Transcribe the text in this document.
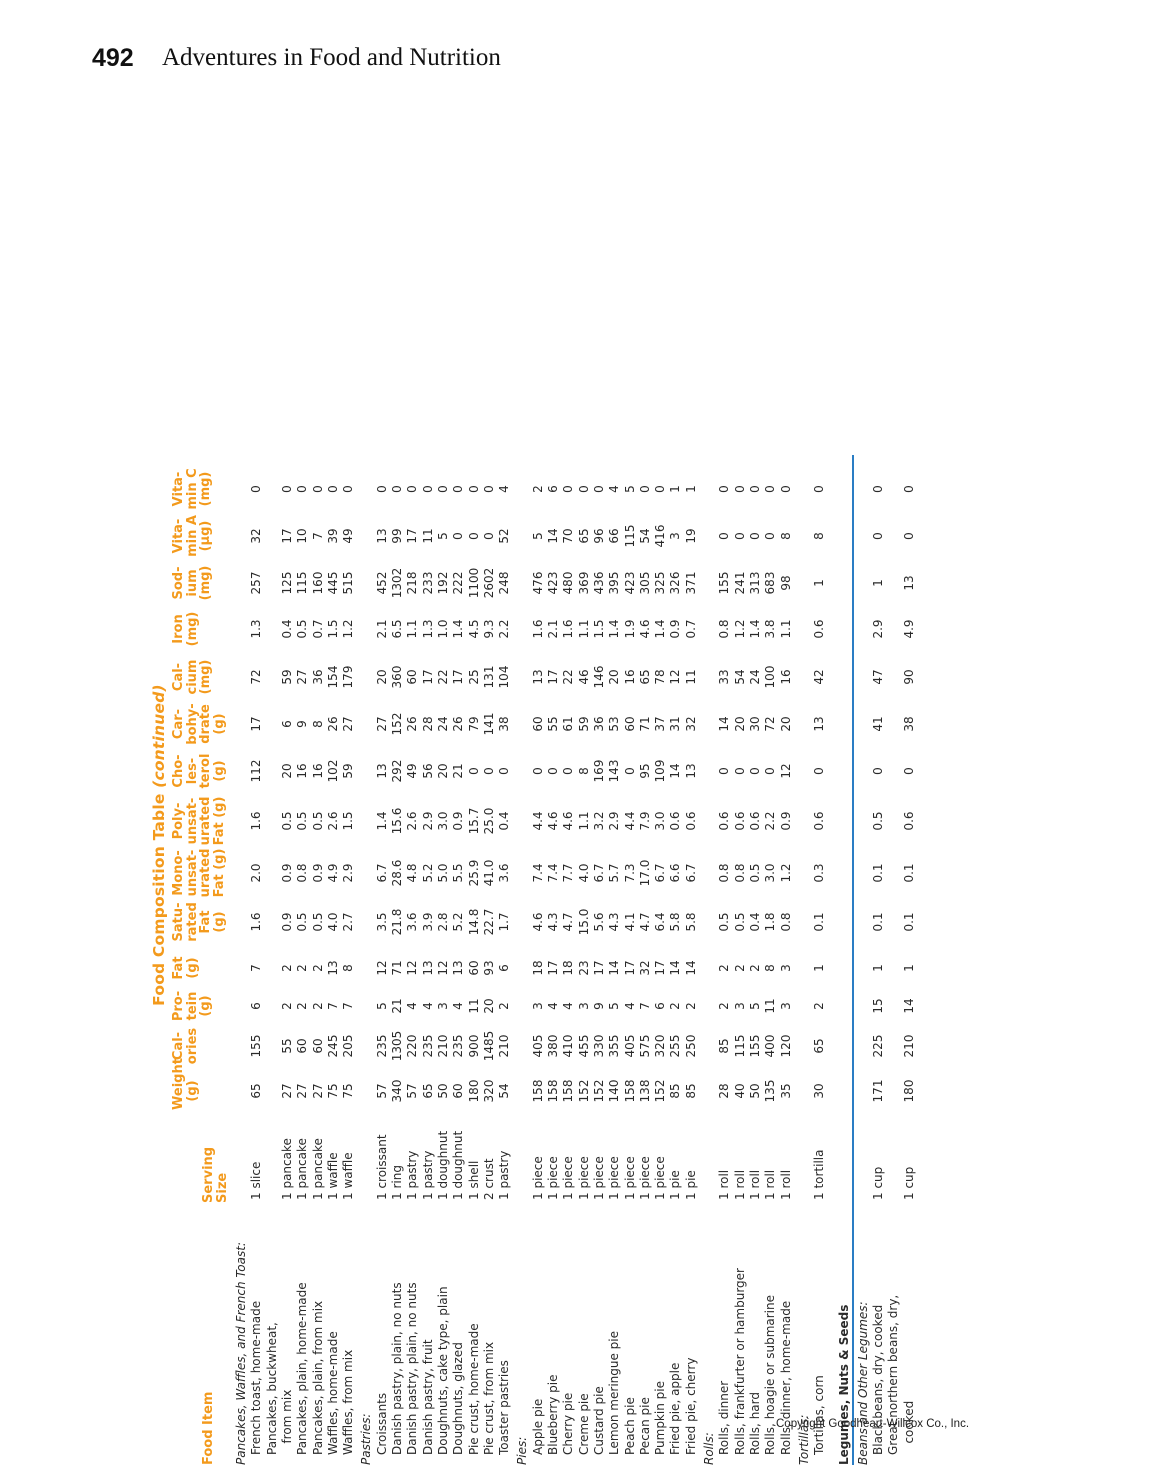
492 Adventures in Food and Nutrition
Food Composition Table (continued)
Food Item
Serving Size
Weight (g)
Cal- ories
Pro- tein (g)
Fat (g)
Satu- rated Fat (g)
Mono- unsat- urated Fat (g)
Poly- unsat- urated Fat (g)
Cho- les- terol (g)
Car- bohy- drate (g)
Cal- cium (mg)
Iron (mg)
Sod- ium (mg)
Vita- min A (µg)
Vita- min C (mg)
Pancakes, Waffles, and French Toast: French toast, home-made
1 slice
65
155
6
7
1.6
2.0
1.6
112
17
72
1.3
257
32
0
Pancakes, buckwheat, from mix
1 pancake
27
55
2
2
0.9
0.9
0.5
20
6
59
0.4
125
17
0
Pancakes, plain, home-made
1 pancake
27
60
2
2
0.5
0.8
0.5
16
9
27
0.5
115
10
0
Pancakes, plain, from mix
1 pancake
27
60
2
2
0.5
0.9
0.5
16
8
36
0.7
160
7
0
Waffles, home-made
1 waffle
75
245
7
13
4.0
4.9
2.6
102
26
154
1.5
445
39
0
Waffles, from mix
1 waffle
75
205
7
8
2.7
2.9
1.5
59
27
179
1.2
515
49
0
Pastries: Croissants
1 croissant
57
235
5
12
3.5
6.7
1.4
13
27
20
2.1
452
13
0
Danish pastry, plain, no nuts
1 ring
340
1305
21
71
21.8
28.6
15.6
292
152
360
6.5
1302
99
0
Danish pastry, plain, no nuts
1 pastry
57
220
4
12
3.6
4.8
2.6
49
26
60
1.1
218
17
0
Danish pastry, fruit
1 pastry
65
235
4
13
3.9
5.2
2.9
56
28
17
1.3
233
11
0
Doughnuts, cake type, plain
1 doughnut
50
210
3
12
2.8
5.0
3.0
20
24
22
1.0
192
5
0
Doughnuts, glazed
1 doughnut
60
235
4
13
5.2
5.5
0.9
21
26
17
1.4
222
0
0
Pie crust, home-made
1 shell
180
900
11
60
14.8
25.9
15.7
0
79
25
4.5
1100
0
0
Pie crust, from mix
2 crust
320
1485
20
93
22.7
41.0
25.0
0
141
131
9.3
2602
0
0
Toaster pastries
1 pastry
54
210
2
6
1.7
3.6
0.4
0
38
104
2.2
248
52
4
Pies: Apple pie
1 piece
158
405
3
18
4.6
7.4
4.4
0
60
13
1.6
476
5
2
Blueberry pie
1 piece
158
380
4
17
4.3
7.4
4.6
0
55
17
2.1
423
14
6
Cherry pie
1 piece
158
410
4
18
4.7
7.7
4.6
0
61
22
1.6
480
70
0
Creme pie
1 piece
152
455
3
23
15.0
4.0
1.1
8
59
46
1.1
369
65
0
Custard pie
1 piece
152
330
9
17
5.6
6.7
3.2
169
36
146
1.5
436
96
0
Lemon meringue pie
1 piece
140
355
5
14
4.3
5.7
2.9
143
53
20
1.4
395
66
4
Peach pie
1 piece
158
405
4
17
4.1
7.3
4.4
0
60
16
1.9
423
115
5
Pecan pie
1 piece
138
575
7
32
4.7
17.0
7.9
95
71
65
4.6
305
54
0
Pumpkin pie
1 piece
152
320
6
17
6.4
6.7
3.0
109
37
78
1.4
325
416
0
Fried pie, apple
1 pie
85
255
2
14
5.8
6.6
0.6
14
31
12
0.9
326
3
1
Fried pie, cherry
1 pie
85
250
2
14
5.8
6.7
0.6
13
32
11
0.7
371
19
1
Rolls: Rolls, dinner
1 roll
28
85
2
2
0.5
0.8
0.6
0
14
33
0.8
155
0
0
Rolls, frankfurter or hamburger
1 roll
40
115
3
2
0.5
0.8
0.6
0
20
54
1.2
241
0
0
Rolls, hard
1 roll
50
155
5
2
0.4
0.5
0.6
0
30
24
1.4
313
0
0
Rolls, hoagie or submarine
1 roll
135
400
11
8
1.8
3.0
2.2
0
72
100
3.8
683
0
0
Rolls, dinner, home-made
1 roll
35
120
3
3
0.8
1.2
0.9
12
20
16
1.1
98
8
0
Tortillas: Tortillas, corn
1 tortilla
30
65
2
1
0.1
0.3
0.6
0
13
42
0.6
1
8
0
Legumes, Nuts & Seeds Beans and Other Legumes: Black beans, dry, cooked
1 cup
171
225
15
1
0.1
0.1
0.5
0
41
47
2.9
1
0
0
Great northern beans, dry, cooked
1 cup
180
210
14
1
0.1
0.1
0.6
0
38
90
4.9
13
0
0
Copyright Goodheart-Willcox Co., Inc.
